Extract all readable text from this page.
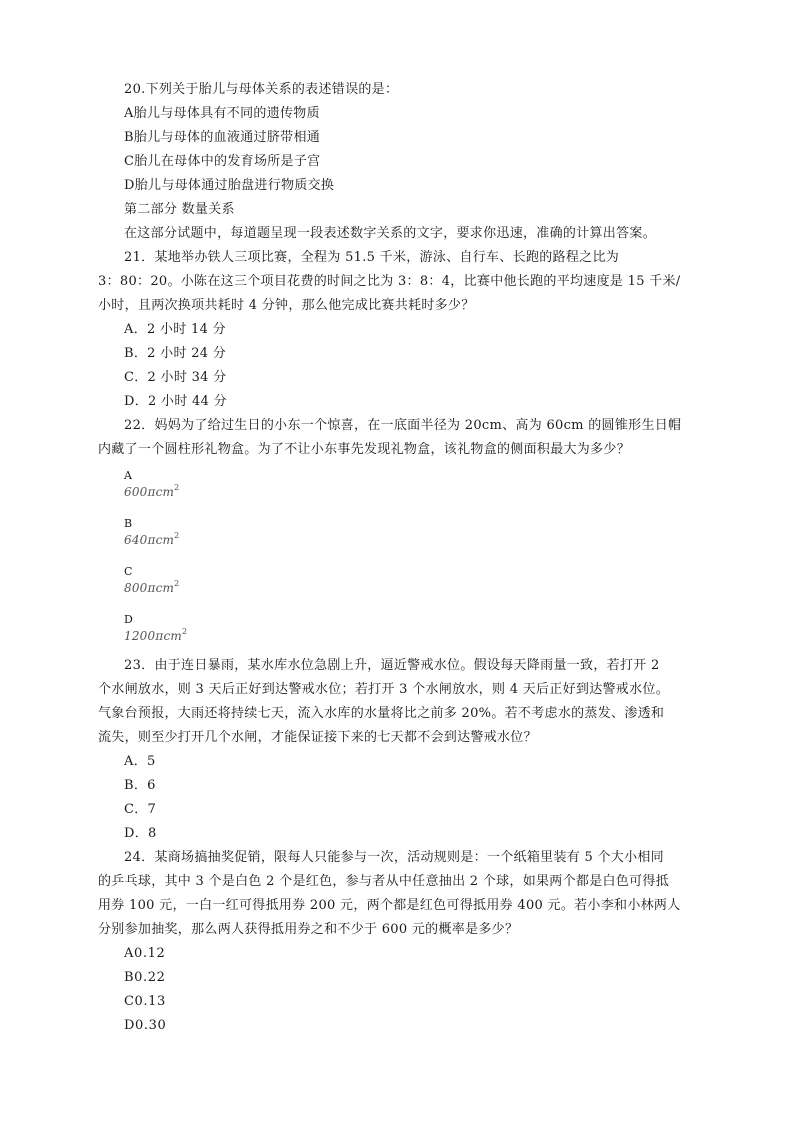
20.下列关于胎儿与母体关系的表述错误的是：
A胎儿与母体具有不同的遗传物质
B胎儿与母体的血液通过脐带相通
C胎儿在母体中的发育场所是子宫
D胎儿与母体通过胎盘进行物质交换
第二部分 数量关系
在这部分试题中，每道题呈现一段表述数字关系的文字，要求你迅速，准确的计算出答案。
21．某地举办铁人三项比赛，全程为 51.5 千米，游泳、自行车、长跑的路程之比为
3：80：20。小陈在这三个项目花费的时间之比为 3：8：4，比赛中他长跑的平均速度是 15 千米/
小时，且两次换项共耗时 4 分钟，那么他完成比赛共耗时多少？
A．2 小时 14 分
B．2 小时 24 分
C．2 小时 34 分
D．2 小时 44 分
22．妈妈为了给过生日的小东一个惊喜，在一底面半径为 20cm、高为 60cm 的圆锥形生日帽
内藏了一个圆柱形礼物盒。为了不让小东事先发现礼物盒，该礼物盒的侧面积最大为多少？
A
600πcm$^2$
B
640πcm$^2$
C
800πcm$^2$
D
1200πcm$^2$
23．由于连日暴雨，某水库水位急剧上升，逼近警戒水位。假设每天降雨量一致，若打开 2
个水闸放水，则 3 天后正好到达警戒水位；若打开 3 个水闸放水，则 4 天后正好到达警戒水位。
气象台预报，大雨还将持续七天，流入水库的水量将比之前多 20%。若不考虑水的蒸发、渗透和
流失，则至少打开几个水闸，才能保证接下来的七天都不会到达警戒水位？
A．5
B．6
C．7
D．8
24．某商场搞抽奖促销，限每人只能参与一次，活动规则是：一个纸箱里装有 5 个大小相同
的乒乓球，其中 3 个是白色 2 个是红色，参与者从中任意抽出 2 个球，如果两个都是白色可得抵
用券 100 元，一白一红可得抵用券 200 元，两个都是红色可得抵用券 400 元。若小李和小林两人
分别参加抽奖，那么两人获得抵用券之和不少于 600 元的概率是多少？
A0.12
B0.22
C0.13
D0.30
